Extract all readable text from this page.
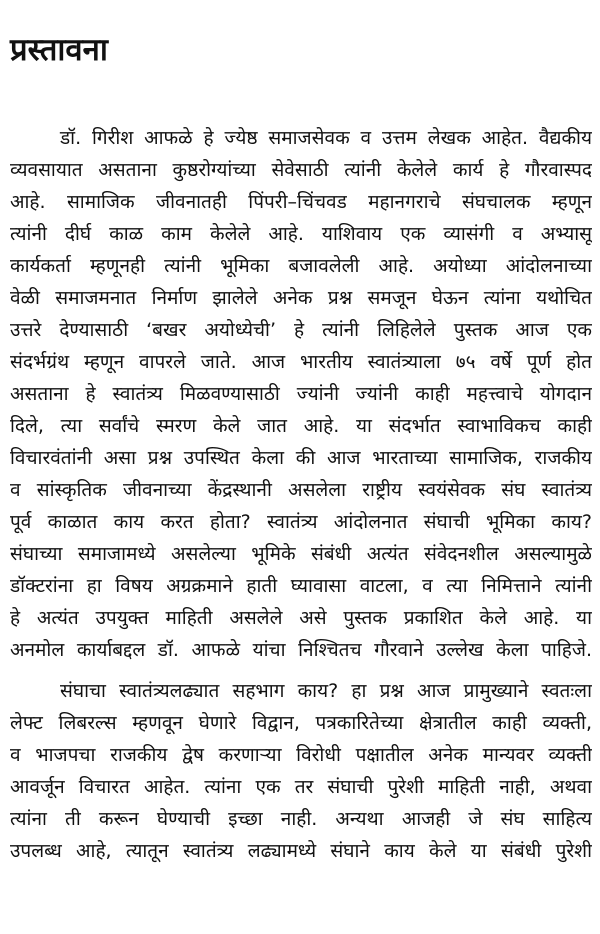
प्रस्तावना

डॉ. गिरीश आफळे हे ज्येष्ठ समाजसेवक व उत्तम लेखक आहेत. वैद्यकीय
व्यवसायात असताना कुष्ठरोग्यांच्या सेवेसाठी त्यांनी केलेले कार्य हे गौरवास्पद
आहे. सामाजिक जीवनातही पिंपरी–चिंचवड महानगराचे संघचालक म्हणून
त्यांनी दीर्घ काळ काम केलेले आहे. याशिवाय एक व्यासंगी व अभ्यासू
कार्यकर्ता म्हणूनही त्यांनी भूमिका बजावलेली आहे. अयोध्या आंदोलनाच्या
वेळी समाजमनात निर्माण झालेले अनेक प्रश्न समजून घेऊन त्यांना यथोचित
उत्तरे देण्यासाठी ‘बखर अयोध्येची’ हे त्यांनी लिहिलेले पुस्तक आज एक
संदर्भग्रंथ म्हणून वापरले जाते. आज भारतीय स्वातंत्र्याला ७५ वर्षे पूर्ण होत
असताना हे स्वातंत्र्य मिळवण्यासाठी ज्यांनी ज्यांनी काही महत्त्वाचे योगदान
दिले, त्या सर्वांचे स्मरण केले जात आहे. या संदर्भात स्वाभाविकच काही
विचारवंतांनी असा प्रश्न उपस्थित केला की आज भारताच्या सामाजिक, राजकीय
व सांस्कृतिक जीवनाच्या केंद्रस्थानी असलेला राष्ट्रीय स्वयंसेवक संघ स्वातंत्र्य
पूर्व काळात काय करत होता? स्वातंत्र्य आंदोलनात संघाची भूमिका काय?
संघाच्या समाजामध्ये असलेल्या भूमिके संबंधी अत्यंत संवेदनशील असल्यामुळे
डॉक्टरांना हा विषय अग्रक्रमाने हाती घ्यावासा वाटला, व त्या निमित्ताने त्यांनी
हे अत्यंत उपयुक्त माहिती असलेले असे पुस्तक प्रकाशित केले आहे. या
अनमोल कार्याबद्दल डॉ. आफळे यांचा निश्चितच गौरवाने उल्लेख केला पाहिजे.

संघाचा स्वातंत्र्यलढ्यात सहभाग काय? हा प्रश्न आज प्रामुख्याने स्वतःला
लेफ्ट लिबरल्स म्हणवून घेणारे विद्वान, पत्रकारितेच्या क्षेत्रातील काही व्यक्ती,
व भाजपचा राजकीय द्वेष करणाऱ्या विरोधी पक्षातील अनेक मान्यवर व्यक्ती
आवर्जून विचारत आहेत. त्यांना एक तर संघाची पुरेशी माहिती नाही, अथवा
त्यांना ती करून घेण्याची इच्छा नाही. अन्यथा आजही जे संघ साहित्य
उपलब्ध आहे, त्यातून स्वातंत्र्य लढ्यामध्ये संघाने काय केले या संबंधी पुरेशी
